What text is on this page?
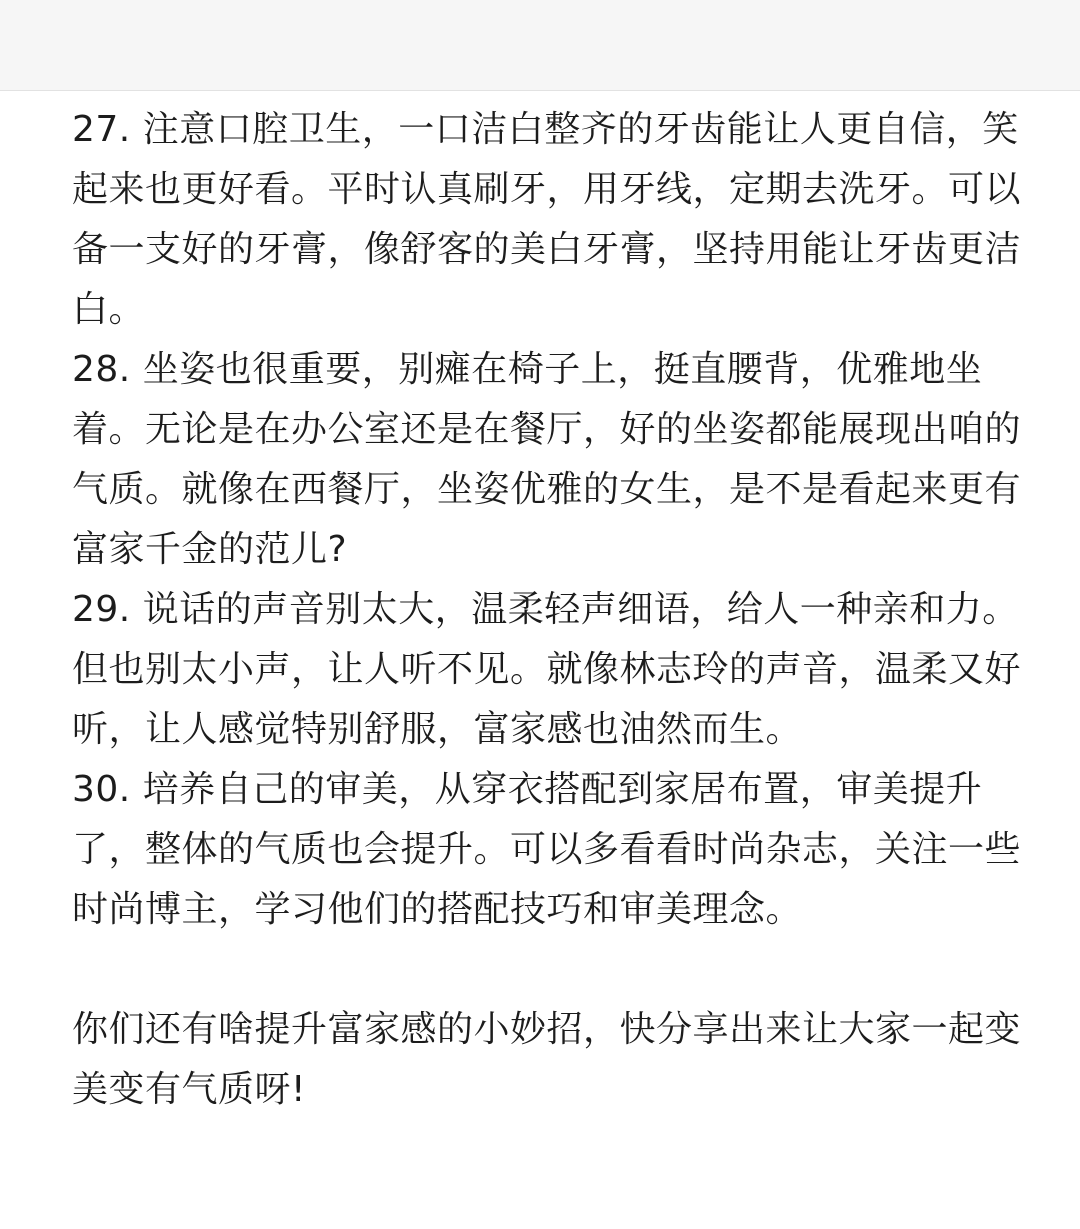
27. 注意口腔卫生，一口洁白整齐的牙齿能让人更自信，笑
起来也更好看。平时认真刷牙，用牙线，定期去洗牙。可以
备一支好的牙膏，像舒客的美白牙膏，坚持用能让牙齿更洁
白。

28. 坐姿也很重要，别瘫在椅子上，挺直腰背，优雅地坐
着。无论是在办公室还是在餐厅，好的坐姿都能展现出咱的
气质。就像在西餐厅，坐姿优雅的女生，是不是看起来更有
富家千金的范儿?

29. 说话的声音别太大，温柔轻声细语，给人一种亲和力。
但也别太小声，让人听不见。就像林志玲的声音，温柔又好
听，让人感觉特别舒服，富家感也油然而生。

30. 培养自己的审美，从穿衣搭配到家居布置，审美提升
了，整体的气质也会提升。可以多看看时尚杂志，关注一些
时尚博主，学习他们的搭配技巧和审美理念。

你们还有啥提升富家感的小妙招，快分享出来让大家一起变
美变有气质呀!
